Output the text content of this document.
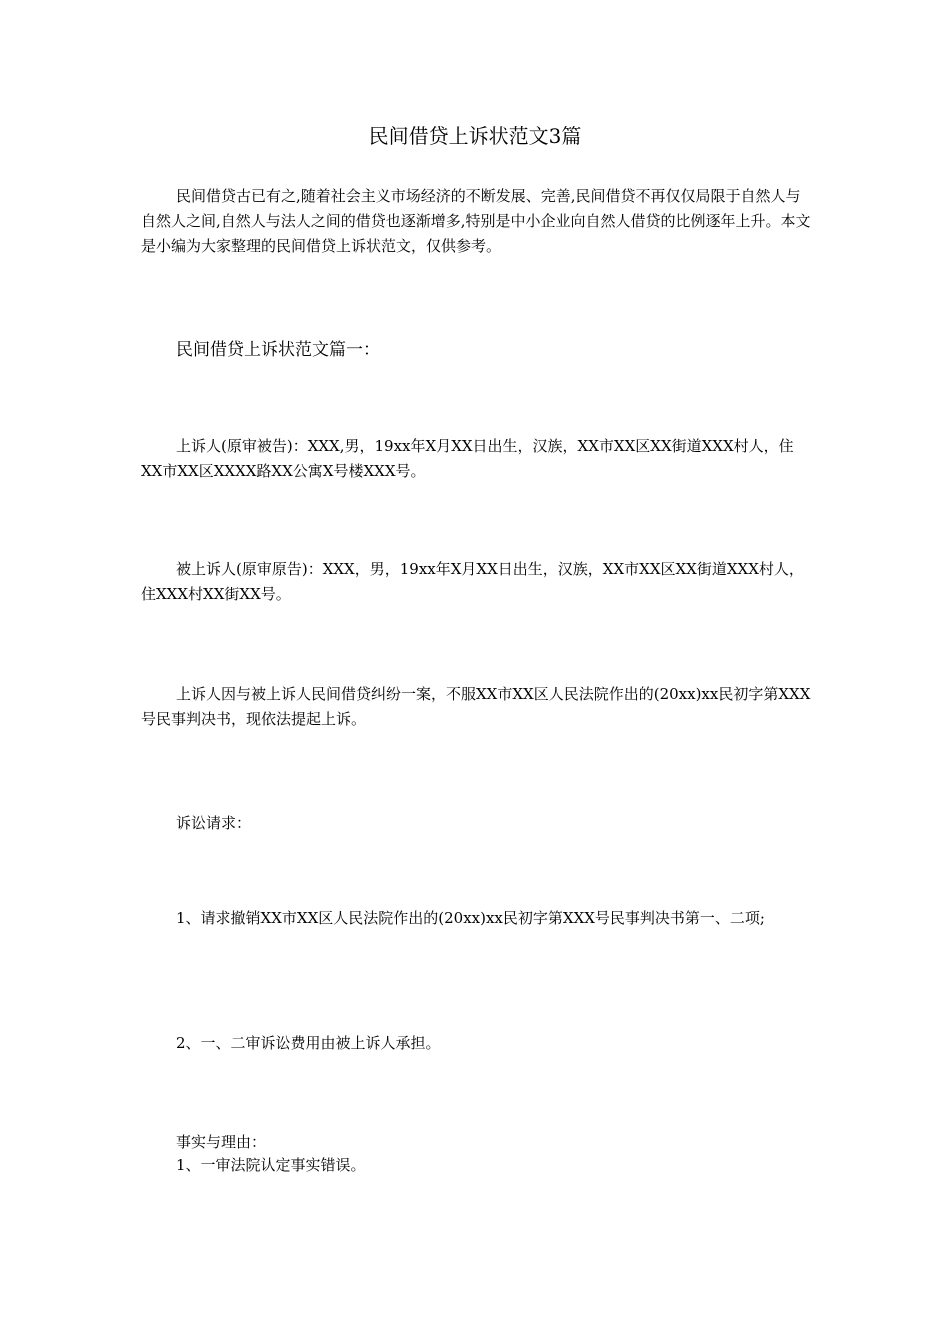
民间借贷上诉状范文3篇

民间借贷古已有之,随着社会主义市场经济的不断发展、完善,民间借贷不再仅仅局限于自然人与自然人之间,自然人与法人之间的借贷也逐渐增多,特别是中小企业向自然人借贷的比例逐年上升。本文是小编为大家整理的民间借贷上诉状范文，仅供参考。

民间借贷上诉状范文篇一：

上诉人(原审被告)：XXX,男，19xx年X月XX日出生，汉族，XX市XX区XX街道XXX村人，住XX市XX区XXXX路XX公寓X号楼XXX号。

被上诉人(原审原告)：XXX，男，19xx年X月XX日出生，汉族，XX市XX区XX街道XXX村人，住XXX村XX街XX号。

上诉人因与被上诉人民间借贷纠纷一案，不服XX市XX区人民法院作出的(20xx)xx民初字第XXX号民事判决书，现依法提起上诉。

诉讼请求：

1、请求撤销XX市XX区人民法院作出的(20xx)xx民初字第XXX号民事判决书第一、二项;

2、一、二审诉讼费用由被上诉人承担。
事实与理由：
1、一审法院认定事实错误。
